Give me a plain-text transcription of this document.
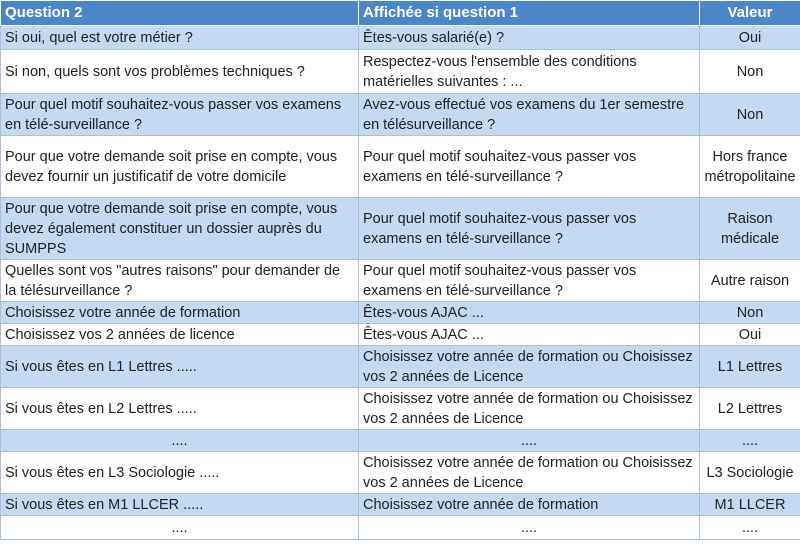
Question 2	Affichée si question 1	Valeur
Si oui, quel est votre métier ?	Êtes-vous salarié(e) ?	Oui
Si non, quels sont vos problèmes techniques ?	Respectez-vous l'ensemble des conditions matérielles suivantes : ...	Non
Pour quel motif souhaitez-vous passer vos examens en télé-surveillance ?	Avez-vous effectué vos examens du 1er semestre en télésurveillance ?	Non
Pour que votre demande soit prise en compte, vous devez fournir un justificatif de votre domicile	Pour quel motif souhaitez-vous passer vos examens en télé-surveillance ?	Hors france métropolitaine
Pour que votre demande soit prise en compte, vous devez également constituer un dossier auprès du SUMPPS	Pour quel motif souhaitez-vous passer vos examens en télé-surveillance ?	Raison médicale
Quelles sont vos "autres raisons" pour demander de la télésurveillance ?	Pour quel motif souhaitez-vous passer vos examens en télé-surveillance ?	Autre raison
Choisissez votre année de formation	Êtes-vous AJAC ...	Non
Choisissez vos 2 années de licence	Êtes-vous AJAC ...	Oui
Si vous êtes en L1 Lettres .....	Choisissez votre année de formation ou Choisissez vos 2 années de Licence	L1 Lettres
Si vous êtes en L2 Lettres .....	Choisissez votre année de formation ou Choisissez vos 2 années de Licence	L2 Lettres
....	....	....
Si vous êtes en L3 Sociologie .....	Choisissez votre année de formation ou Choisissez vos 2 années de Licence	L3 Sociologie
Si vous êtes en M1 LLCER .....	Choisissez votre année de formation	M1 LLCER
....	....	....
